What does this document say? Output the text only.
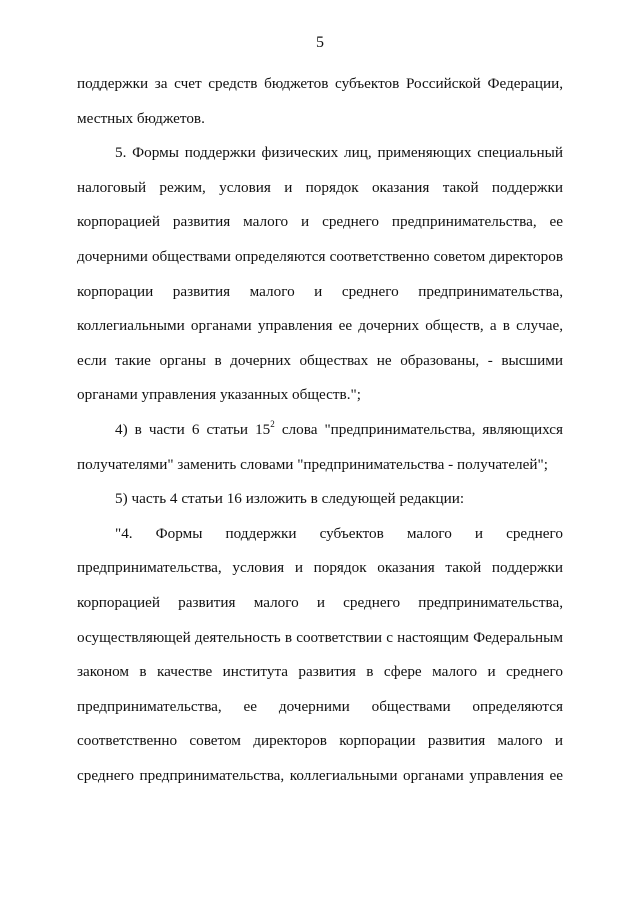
5
поддержки за счет средств бюджетов субъектов Российской Федерации,
местных бюджетов.
5. Формы поддержки физических лиц, применяющих специальный
налоговый режим, условия и порядок оказания такой поддержки
корпорацией развития малого и среднего предпринимательства, ее
дочерними обществами определяются соответственно советом директоров
корпорации развития малого и среднего предпринимательства,
коллегиальными органами управления ее дочерних обществ, а в случае,
если такие органы в дочерних обществах не образованы, - высшими
органами управления указанных обществ.";
4) в части 6 статьи $15^2$ слова "предпринимательства, являющихся
получателями" заменить словами "предпринимательства - получателей";
5) часть 4 статьи 16 изложить в следующей редакции:
"4. Формы поддержки субъектов малого и среднего
предпринимательства, условия и порядок оказания такой поддержки
корпорацией развития малого и среднего предпринимательства,
осуществляющей деятельность в соответствии с настоящим Федеральным
законом в качестве института развития в сфере малого и среднего
предпринимательства, ее дочерними обществами определяются
соответственно советом директоров корпорации развития малого и
среднего предпринимательства, коллегиальными органами управления ее
